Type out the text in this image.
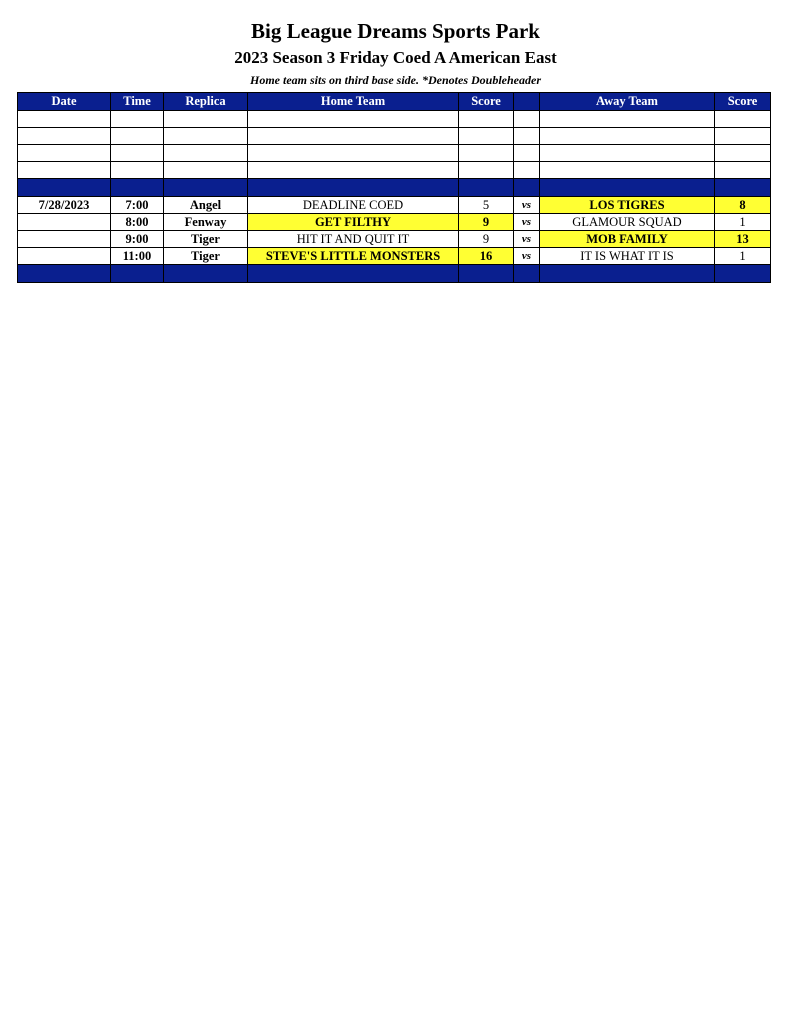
Big League Dreams Sports Park
2023 Season 3 Friday Coed A American East
Home team sits on third base side. *Denotes Doubleheader
Date	Time	Replica	Home Team	Score		Away Team	Score

7/28/2023	7:00	Angel	DEADLINE COED	5	vs	LOS TIGRES	8
	8:00	Fenway	GET FILTHY	9	vs	GLAMOUR SQUAD	1
	9:00	Tiger	HIT IT AND QUIT IT	9	vs	MOB FAMILY	13
	11:00	Tiger	STEVE'S LITTLE MONSTERS	16	vs	IT IS WHAT IT IS	1
